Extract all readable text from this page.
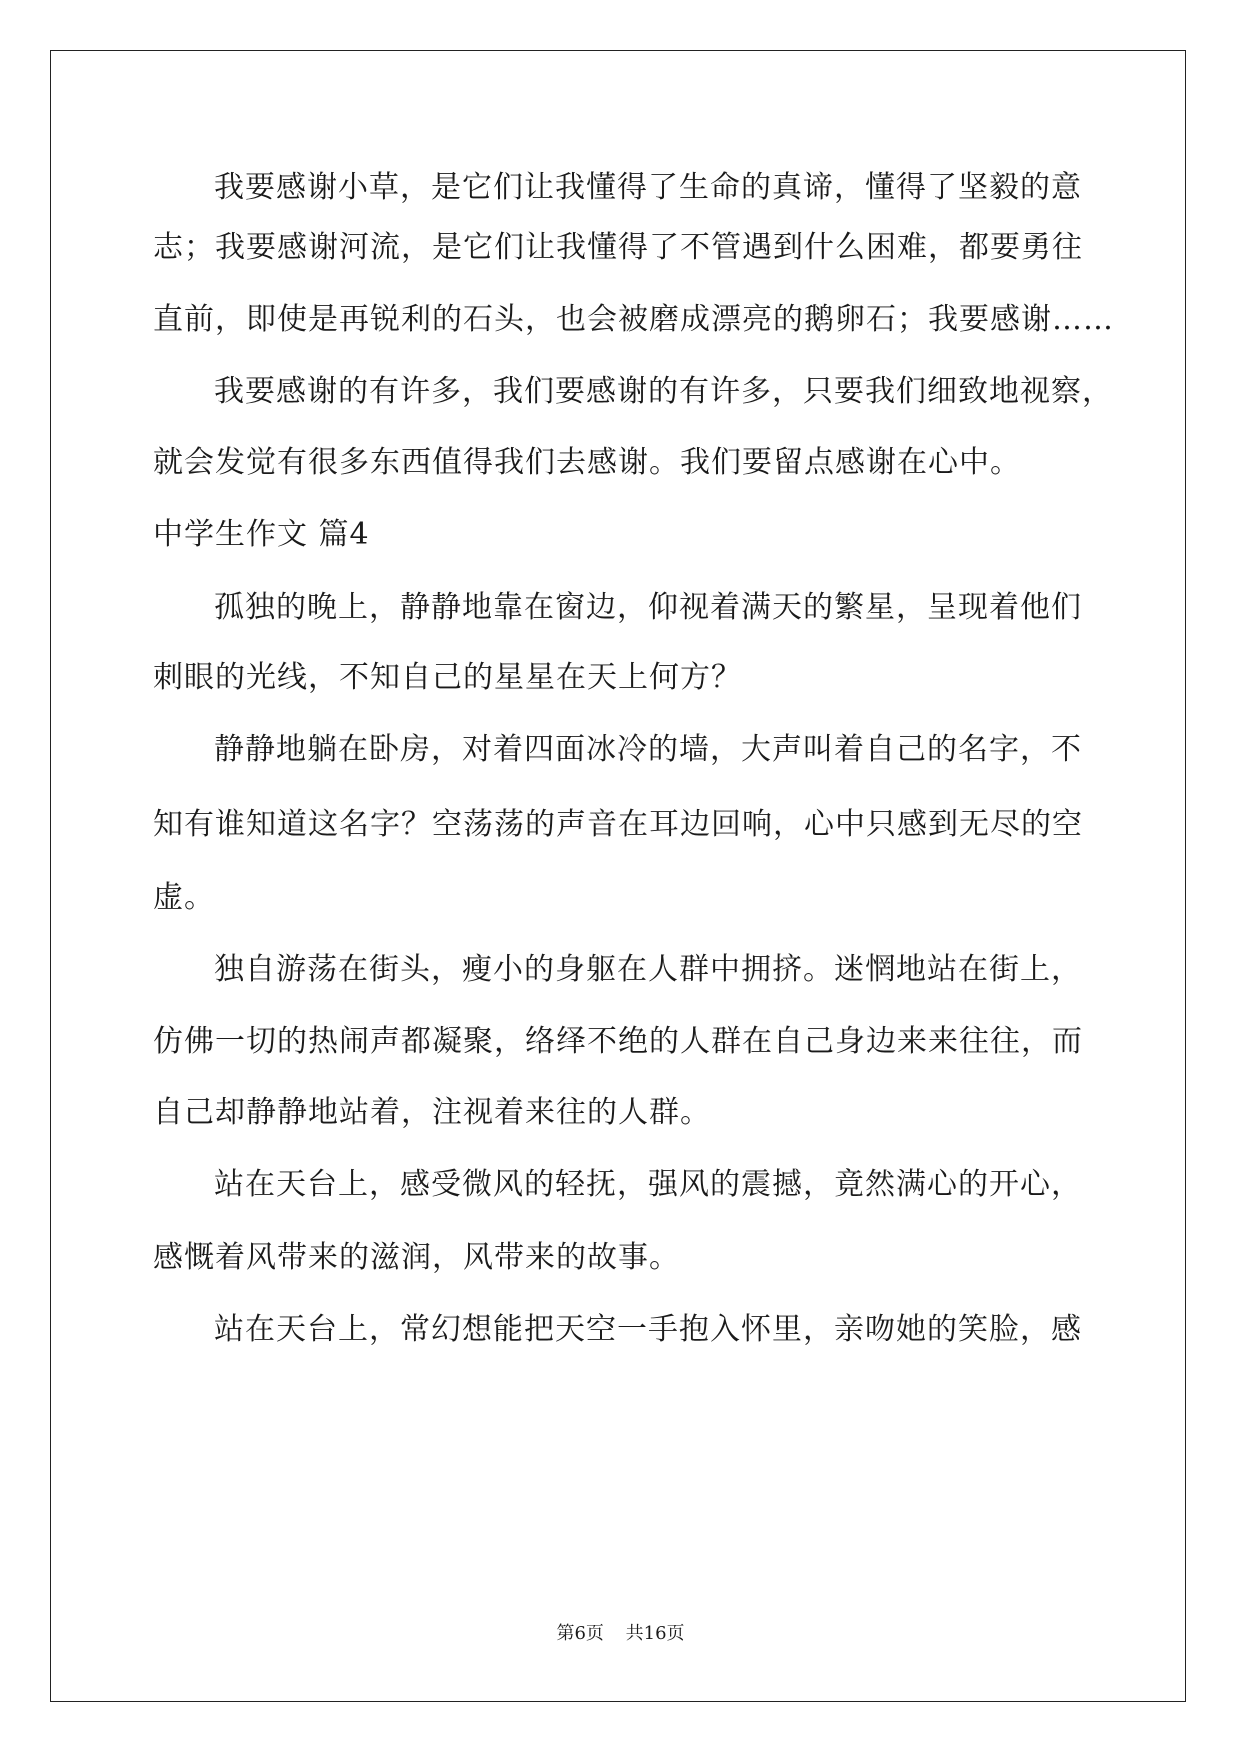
我要感谢小草，是它们让我懂得了生命的真谛，懂得了坚毅的意
志；我要感谢河流，是它们让我懂得了不管遇到什么困难，都要勇往
直前，即使是再锐利的石头，也会被磨成漂亮的鹅卵石；我要感谢……
我要感谢的有许多，我们要感谢的有许多，只要我们细致地视察，
就会发觉有很多东西值得我们去感谢。我们要留点感谢在心中。
中学生作文 篇4
孤独的晚上，静静地靠在窗边，仰视着满天的繁星，呈现着他们
刺眼的光线，不知自己的星星在天上何方？
静静地躺在卧房，对着四面冰冷的墙，大声叫着自己的名字，不
知有谁知道这名字？空荡荡的声音在耳边回响，心中只感到无尽的空
虚。
独自游荡在街头，瘦小的身躯在人群中拥挤。迷惘地站在街上，
仿佛一切的热闹声都凝聚，络绎不绝的人群在自己身边来来往往，而
自己却静静地站着，注视着来往的人群。
站在天台上，感受微风的轻抚，强风的震撼，竟然满心的开心，
感慨着风带来的滋润，风带来的故事。
站在天台上，常幻想能把天空一手抱入怀里，亲吻她的笑脸，感
第6页 共16页
